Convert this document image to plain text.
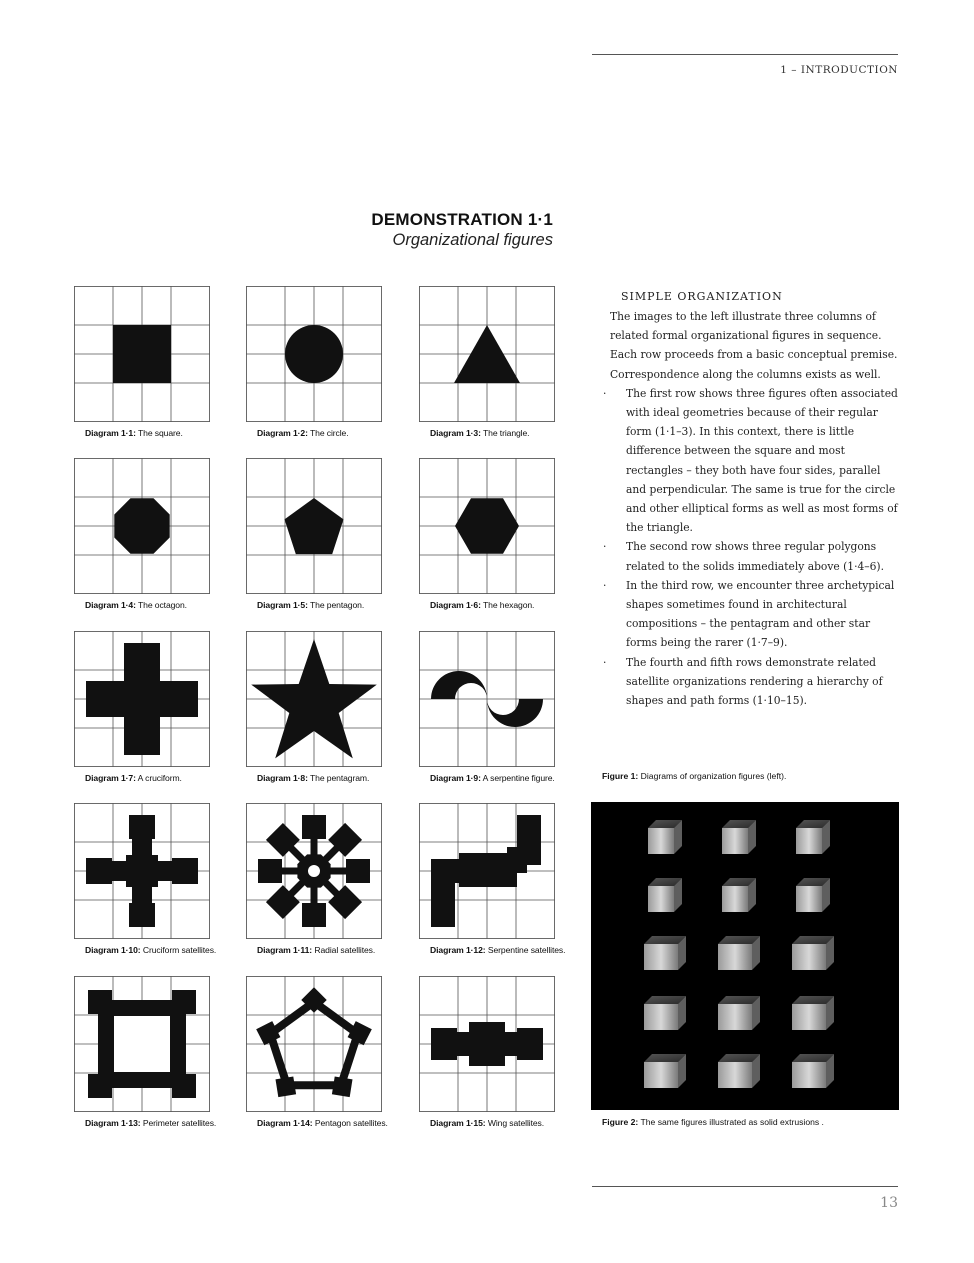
1 – INTRODUCTION
DEMONSTRATION 1·1
Organizational figures
Diagram 1·1: The square.	Diagram 1·2: The circle.	Diagram 1·3: The triangle.
Diagram 1·4: The octagon.	Diagram 1·5: The pentagon.	Diagram 1·6: The hexagon.
Diagram 1·7: A cruciform.	Diagram 1·8: The pentagram.	Diagram 1·9: A serpentine figure.
Diagram 1·10: Cruciform satellites.	Diagram 1·11: Radial satellites.	Diagram 1·12: Serpentine satellites.
Diagram 1·13: Perimeter satellites.	Diagram 1·14: Pentagon satellites.	Diagram 1·15: Wing satellites.
SIMPLE ORGANIZATION
The images to the left illustrate three columns of related formal organizational figures in sequence. Each row proceeds from a basic conceptual premise. Correspondence along the columns exists as well.
· The first row shows three figures often associated with ideal geometries because of their regular form (1·1–3). In this context, there is little difference between the square and most rectangles – they both have four sides, parallel and perpendicular. The same is true for the circle and other elliptical forms as well as most forms of the triangle.
· The second row shows three regular polygons related to the solids immediately above (1·4–6).
· In the third row, we encounter three archetypical shapes sometimes found in architectural compositions – the pentagram and other star forms being the rarer (1·7–9).
· The fourth and fifth rows demonstrate related satellite organizations rendering a hierarchy of shapes and path forms (1·10–15).
Figure 1: Diagrams of organization figures (left).
Figure 2: The same figures illustrated as solid extrusions .
13
